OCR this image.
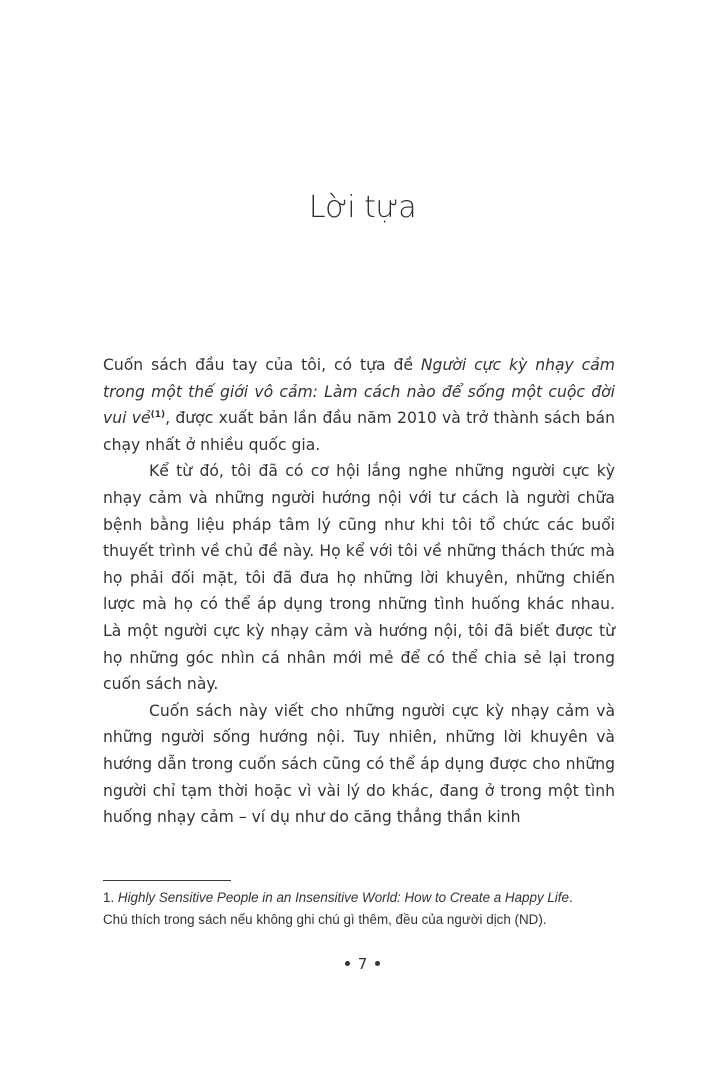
Lời tựa

Cuốn sách đầu tay của tôi, có tựa đề Người cực kỳ nhạy cảm trong một thế giới vô cảm: Làm cách nào để sống một cuộc đời vui vẻ$^{(1)}$, được xuất bản lần đầu năm 2010 và trở thành sách bán chạy nhất ở nhiều quốc gia.

Kể từ đó, tôi đã có cơ hội lắng nghe những người cực kỳ nhạy cảm và những người hướng nội với tư cách là người chữa bệnh bằng liệu pháp tâm lý cũng như khi tôi tổ chức các buổi thuyết trình về chủ đề này. Họ kể với tôi về những thách thức mà họ phải đối mặt, tôi đã đưa họ những lời khuyên, những chiến lược mà họ có thể áp dụng trong những tình huống khác nhau. Là một người cực kỳ nhạy cảm và hướng nội, tôi đã biết được từ họ những góc nhìn cá nhân mới mẻ để có thể chia sẻ lại trong cuốn sách này.

Cuốn sách này viết cho những người cực kỳ nhạy cảm và những người sống hướng nội. Tuy nhiên, những lời khuyên và hướng dẫn trong cuốn sách cũng có thể áp dụng được cho những người chỉ tạm thời hoặc vì vài lý do khác, đang ở trong một tình huống nhạy cảm – ví dụ như do căng thẳng thần kinh

1. Highly Sensitive People in an Insensitive World: How to Create a Happy Life.

Chú thích trong sách nếu không ghi chú gì thêm, đều của người dịch (ND).

7
